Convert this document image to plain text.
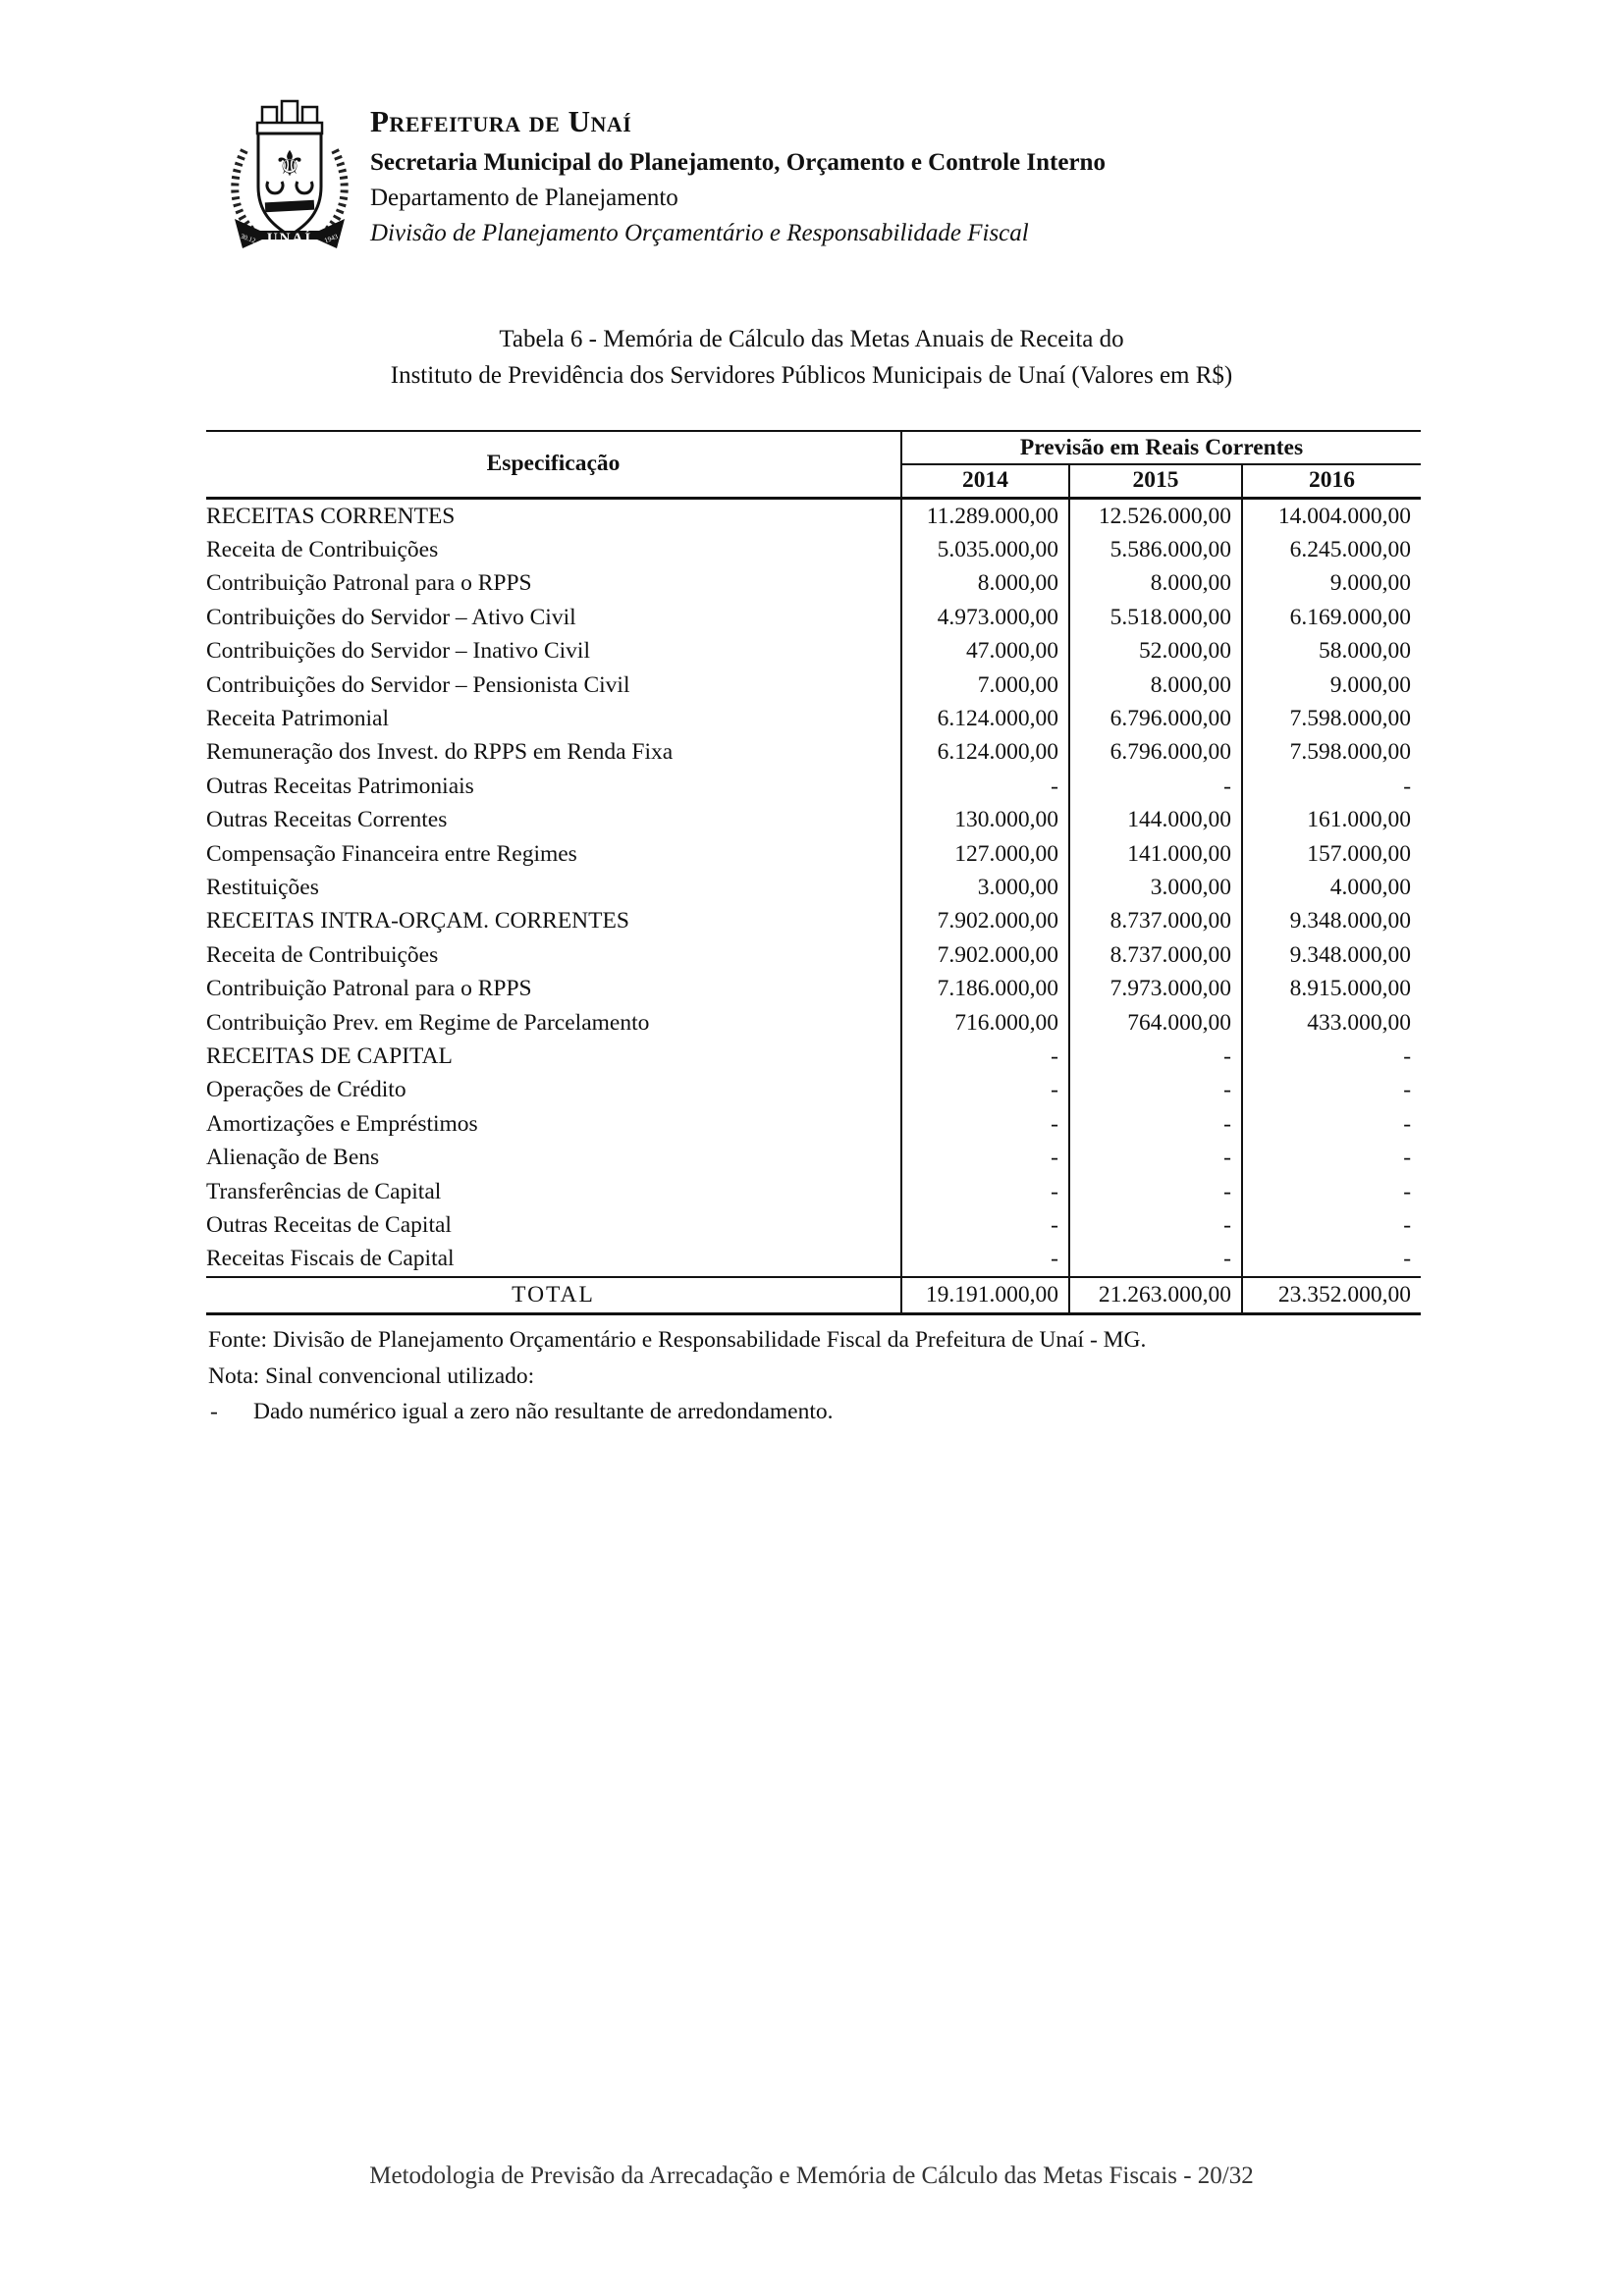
⚜
UNAÍ
30.12	1943
Prefeitura de Unaí
Secretaria Municipal do Planejamento, Orçamento e Controle Interno
Departamento de Planejamento
Divisão de Planejamento Orçamentário e Responsabilidade Fiscal
Tabela 6 - Memória de Cálculo das Metas Anuais de Receita do
Instituto de Previdência dos Servidores Públicos Municipais de Unaí (Valores em R$)
Especificação	Previsão em Reais Correntes		
	2014	2015	2016
RECEITAS CORRENTES	11.289.000,00	12.526.000,00	14.004.000,00
Receita de Contribuições	5.035.000,00	5.586.000,00	6.245.000,00
Contribuição Patronal para o RPPS	8.000,00	8.000,00	9.000,00
Contribuições do Servidor – Ativo Civil	4.973.000,00	5.518.000,00	6.169.000,00
Contribuições do Servidor – Inativo Civil	47.000,00	52.000,00	58.000,00
Contribuições do Servidor – Pensionista Civil	7.000,00	8.000,00	9.000,00
Receita Patrimonial	6.124.000,00	6.796.000,00	7.598.000,00
Remuneração dos Invest. do RPPS em Renda Fixa	6.124.000,00	6.796.000,00	7.598.000,00
Outras Receitas Patrimoniais	-	-	-
Outras Receitas Correntes	130.000,00	144.000,00	161.000,00
Compensação Financeira entre Regimes	127.000,00	141.000,00	157.000,00
Restituições	3.000,00	3.000,00	4.000,00
RECEITAS INTRA-ORÇAM. CORRENTES	7.902.000,00	8.737.000,00	9.348.000,00
Receita de Contribuições	7.902.000,00	8.737.000,00	9.348.000,00
Contribuição Patronal para o RPPS	7.186.000,00	7.973.000,00	8.915.000,00
Contribuição Prev. em Regime de Parcelamento	716.000,00	764.000,00	433.000,00
RECEITAS DE CAPITAL	-	-	-
Operações de Crédito	-	-	-
Amortizações e Empréstimos	-	-	-
Alienação de Bens	-	-	-
Transferências de Capital	-	-	-
Outras Receitas de Capital	-	-	-
Receitas Fiscais de Capital	-	-	-
TOTAL	19.191.000,00	21.263.000,00	23.352.000,00
Fonte: Divisão de Planejamento Orçamentário e Responsabilidade Fiscal da Prefeitura de Unaí - MG.
Nota: Sinal convencional utilizado:
-	Dado numérico igual a zero não resultante de arredondamento.
Metodologia de Previsão da Arrecadação e Memória de Cálculo das Metas Fiscais - 20/32
